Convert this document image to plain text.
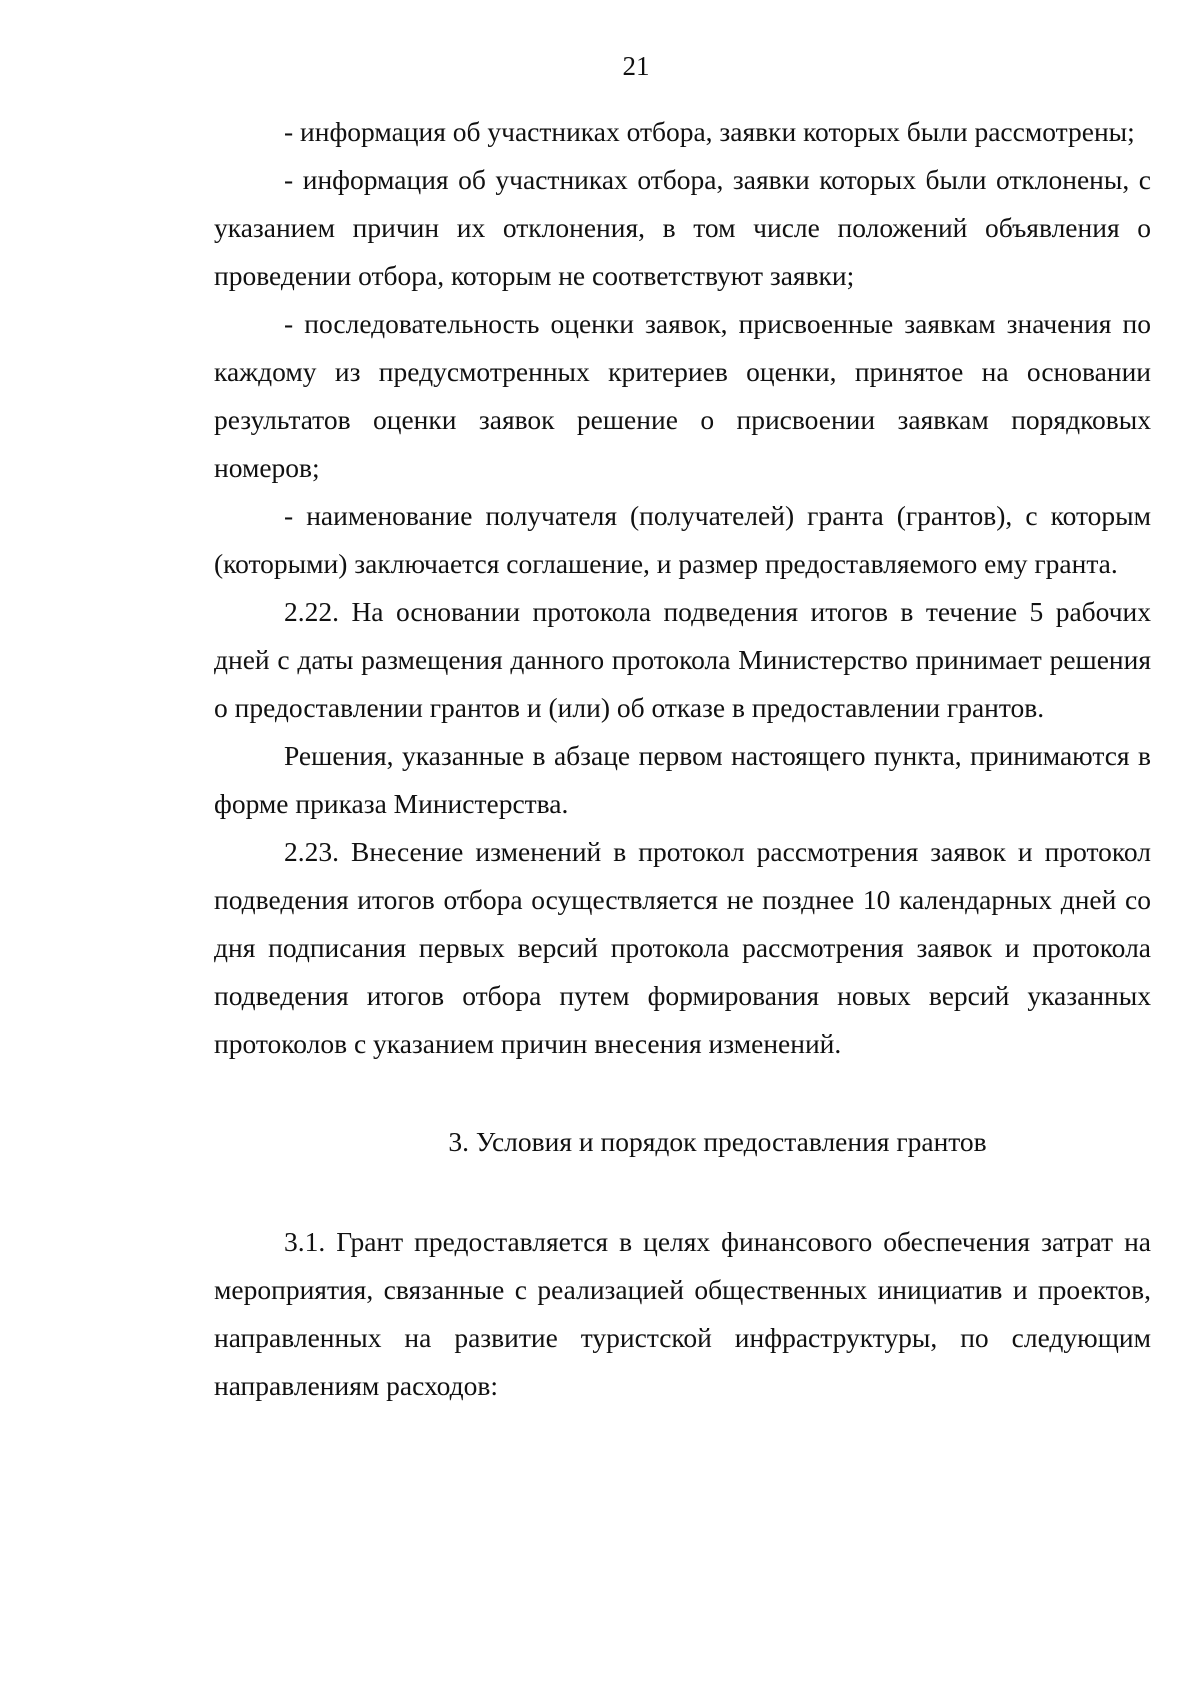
21

- информация об участниках отбора, заявки которых были рассмотрены;

- информация об участниках отбора, заявки которых были отклонены, с указанием причин их отклонения, в том числе положений объявления о проведении отбора, которым не соответствуют заявки;

- последовательность оценки заявок, присвоенные заявкам значения по каждому из предусмотренных критериев оценки, принятое на основании результатов оценки заявок решение о присвоении заявкам порядковых номеров;

- наименование получателя (получателей) гранта (грантов), с которым (которыми) заключается соглашение, и размер предоставляемого ему гранта.

2.22. На основании протокола подведения итогов в течение 5 рабочих дней с даты размещения данного протокола Министерство принимает решения о предоставлении грантов и (или) об отказе в предоставлении грантов.

Решения, указанные в абзаце первом настоящего пункта, принимаются в форме приказа Министерства.

2.23. Внесение изменений в протокол рассмотрения заявок и протокол подведения итогов отбора осуществляется не позднее 10 календарных дней со дня подписания первых версий протокола рассмотрения заявок и протокола подведения итогов отбора путем формирования новых версий указанных протоколов с указанием причин внесения изменений.

3. Условия и порядок предоставления грантов

3.1. Грант предоставляется в целях финансового обеспечения затрат на мероприятия, связанные с реализацией общественных инициатив и проектов, направленных на развитие туристской инфраструктуры, по следующим направлениям расходов:
